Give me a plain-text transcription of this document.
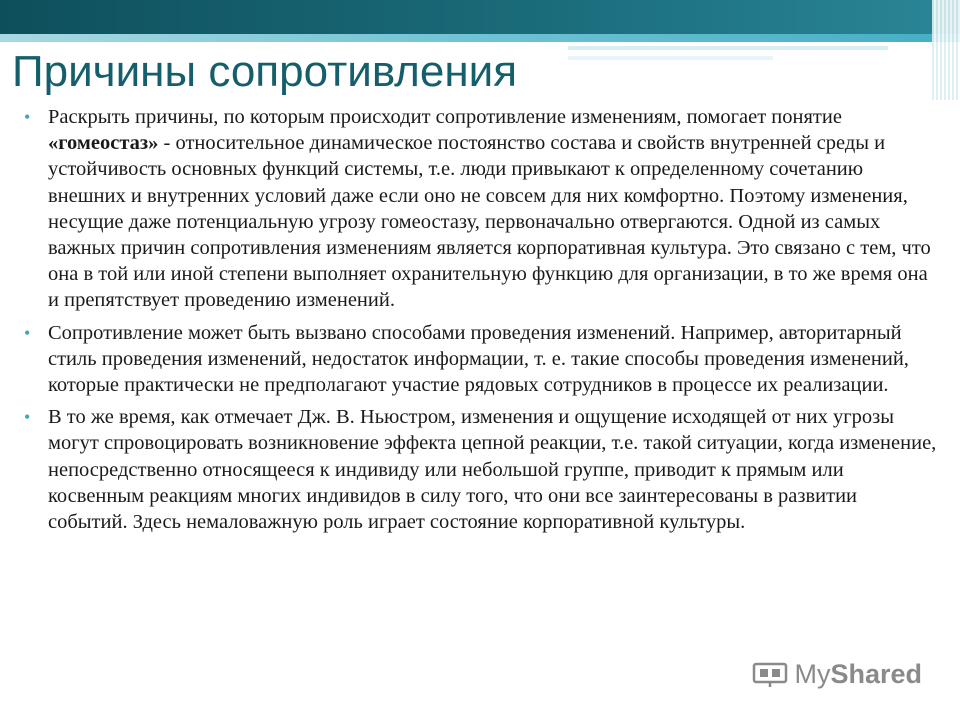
Причины сопротивления
• Раскрыть причины, по которым происходит сопротивление изменениям, помогает понятие «гомеостаз» - относительное динамическое постоянство состава и свойств внутренней среды и устойчивость основных функций системы, т.е. люди привыкают к определенному сочетанию внешних и внутренних условий даже если оно не совсем для них комфортно. Поэтому изменения, несущие даже потенциальную угрозу гомеостазу, первоначально отвергаются. Одной из самых важных причин сопротивления изменениям является корпоративная культура. Это связано с тем, что она в той или иной степени выполняет охранительную функцию для организации, в то же время она и препятствует проведению изменений.
• Сопротивление может быть вызвано способами проведения изменений. Например, авторитарный стиль проведения изменений, недостаток информации, т. е. такие способы проведения изменений, которые практически не предполагают участие рядовых сотрудников в процессе их реализации.
• В то же время, как отмечает Дж. В. Ньюстром, изменения и ощущение исходящей от них угрозы могут спровоцировать возникновение эффекта цепной реакции, т.е. такой ситуации, когда изменение, непосредственно относящееся к индивиду или небольшой группе, приводит к прямым или косвенным реакциям многих индивидов в силу того, что они все заинтересованы в развитии событий. Здесь немаловажную роль играет состояние корпоративной культуры.
My Shared
